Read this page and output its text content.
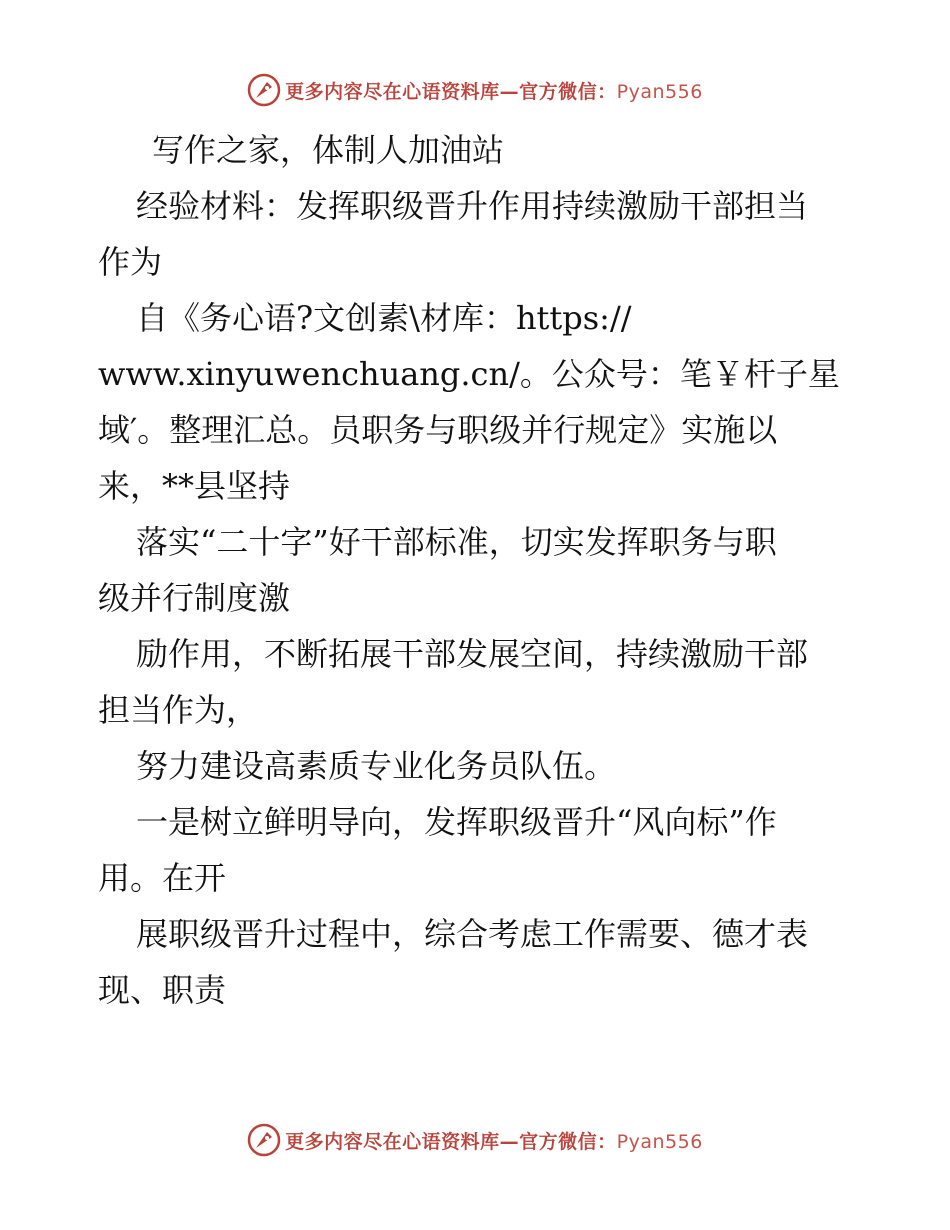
更多内容尽在心语资料库—官方微信：Pyan556

写作之家，体制人加油站

经验材料：发挥职级晋升作用持续激励干部担当

作为

自《务心语?文创素\材库：https://

www.xinyuwenchuang.cn/。公众号：笔￥杆子星

域′。整理汇总。员职务与职级并行规定》实施以

来，**县坚持

落实“二十字”好干部标准，切实发挥职务与职

级并行制度激

励作用，不断拓展干部发展空间，持续激励干部

担当作为，

努力建设高素质专业化务员队伍。

一是树立鲜明导向，发挥职级晋升“风向标”作

用。在开

展职级晋升过程中，综合考虑工作需要、德才表

现、职责

更多内容尽在心语资料库—官方微信：Pyan556
